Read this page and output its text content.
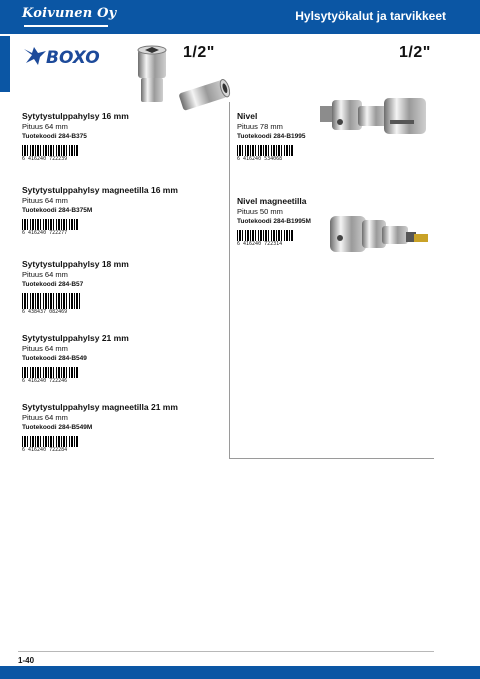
Koivunen Oy	Hylsytyökalut ja tarvikkeet
BOXO	1/2"	1/2"
Sytytystulppahylsy 16 mm
Pituus 64 mm
Tuotekoodi 284-B375
6 416240 722239
Sytytystulppahylsy magneetilla 16 mm
Pituus 64 mm
Tuotekoodi 284-B375M
6 416240 722277
Sytytystulppahylsy 18 mm
Pituus 64 mm
Tuotekoodi 284-B57
6 438437 082469
Sytytystulppahylsy 21 mm
Pituus 64 mm
Tuotekoodi 284-B549
6 416240 722246
Sytytystulppahylsy magneetilla 21 mm
Pituus 64 mm
Tuotekoodi 284-B549M
6 416240 722284
Nivel
Pituus 78 mm
Tuotekoodi 284-B1995
6 416240 534068
Nivel magneetilla
Pituus 50 mm
Tuotekoodi 284-B1995M
6 416240 722314
1-40
